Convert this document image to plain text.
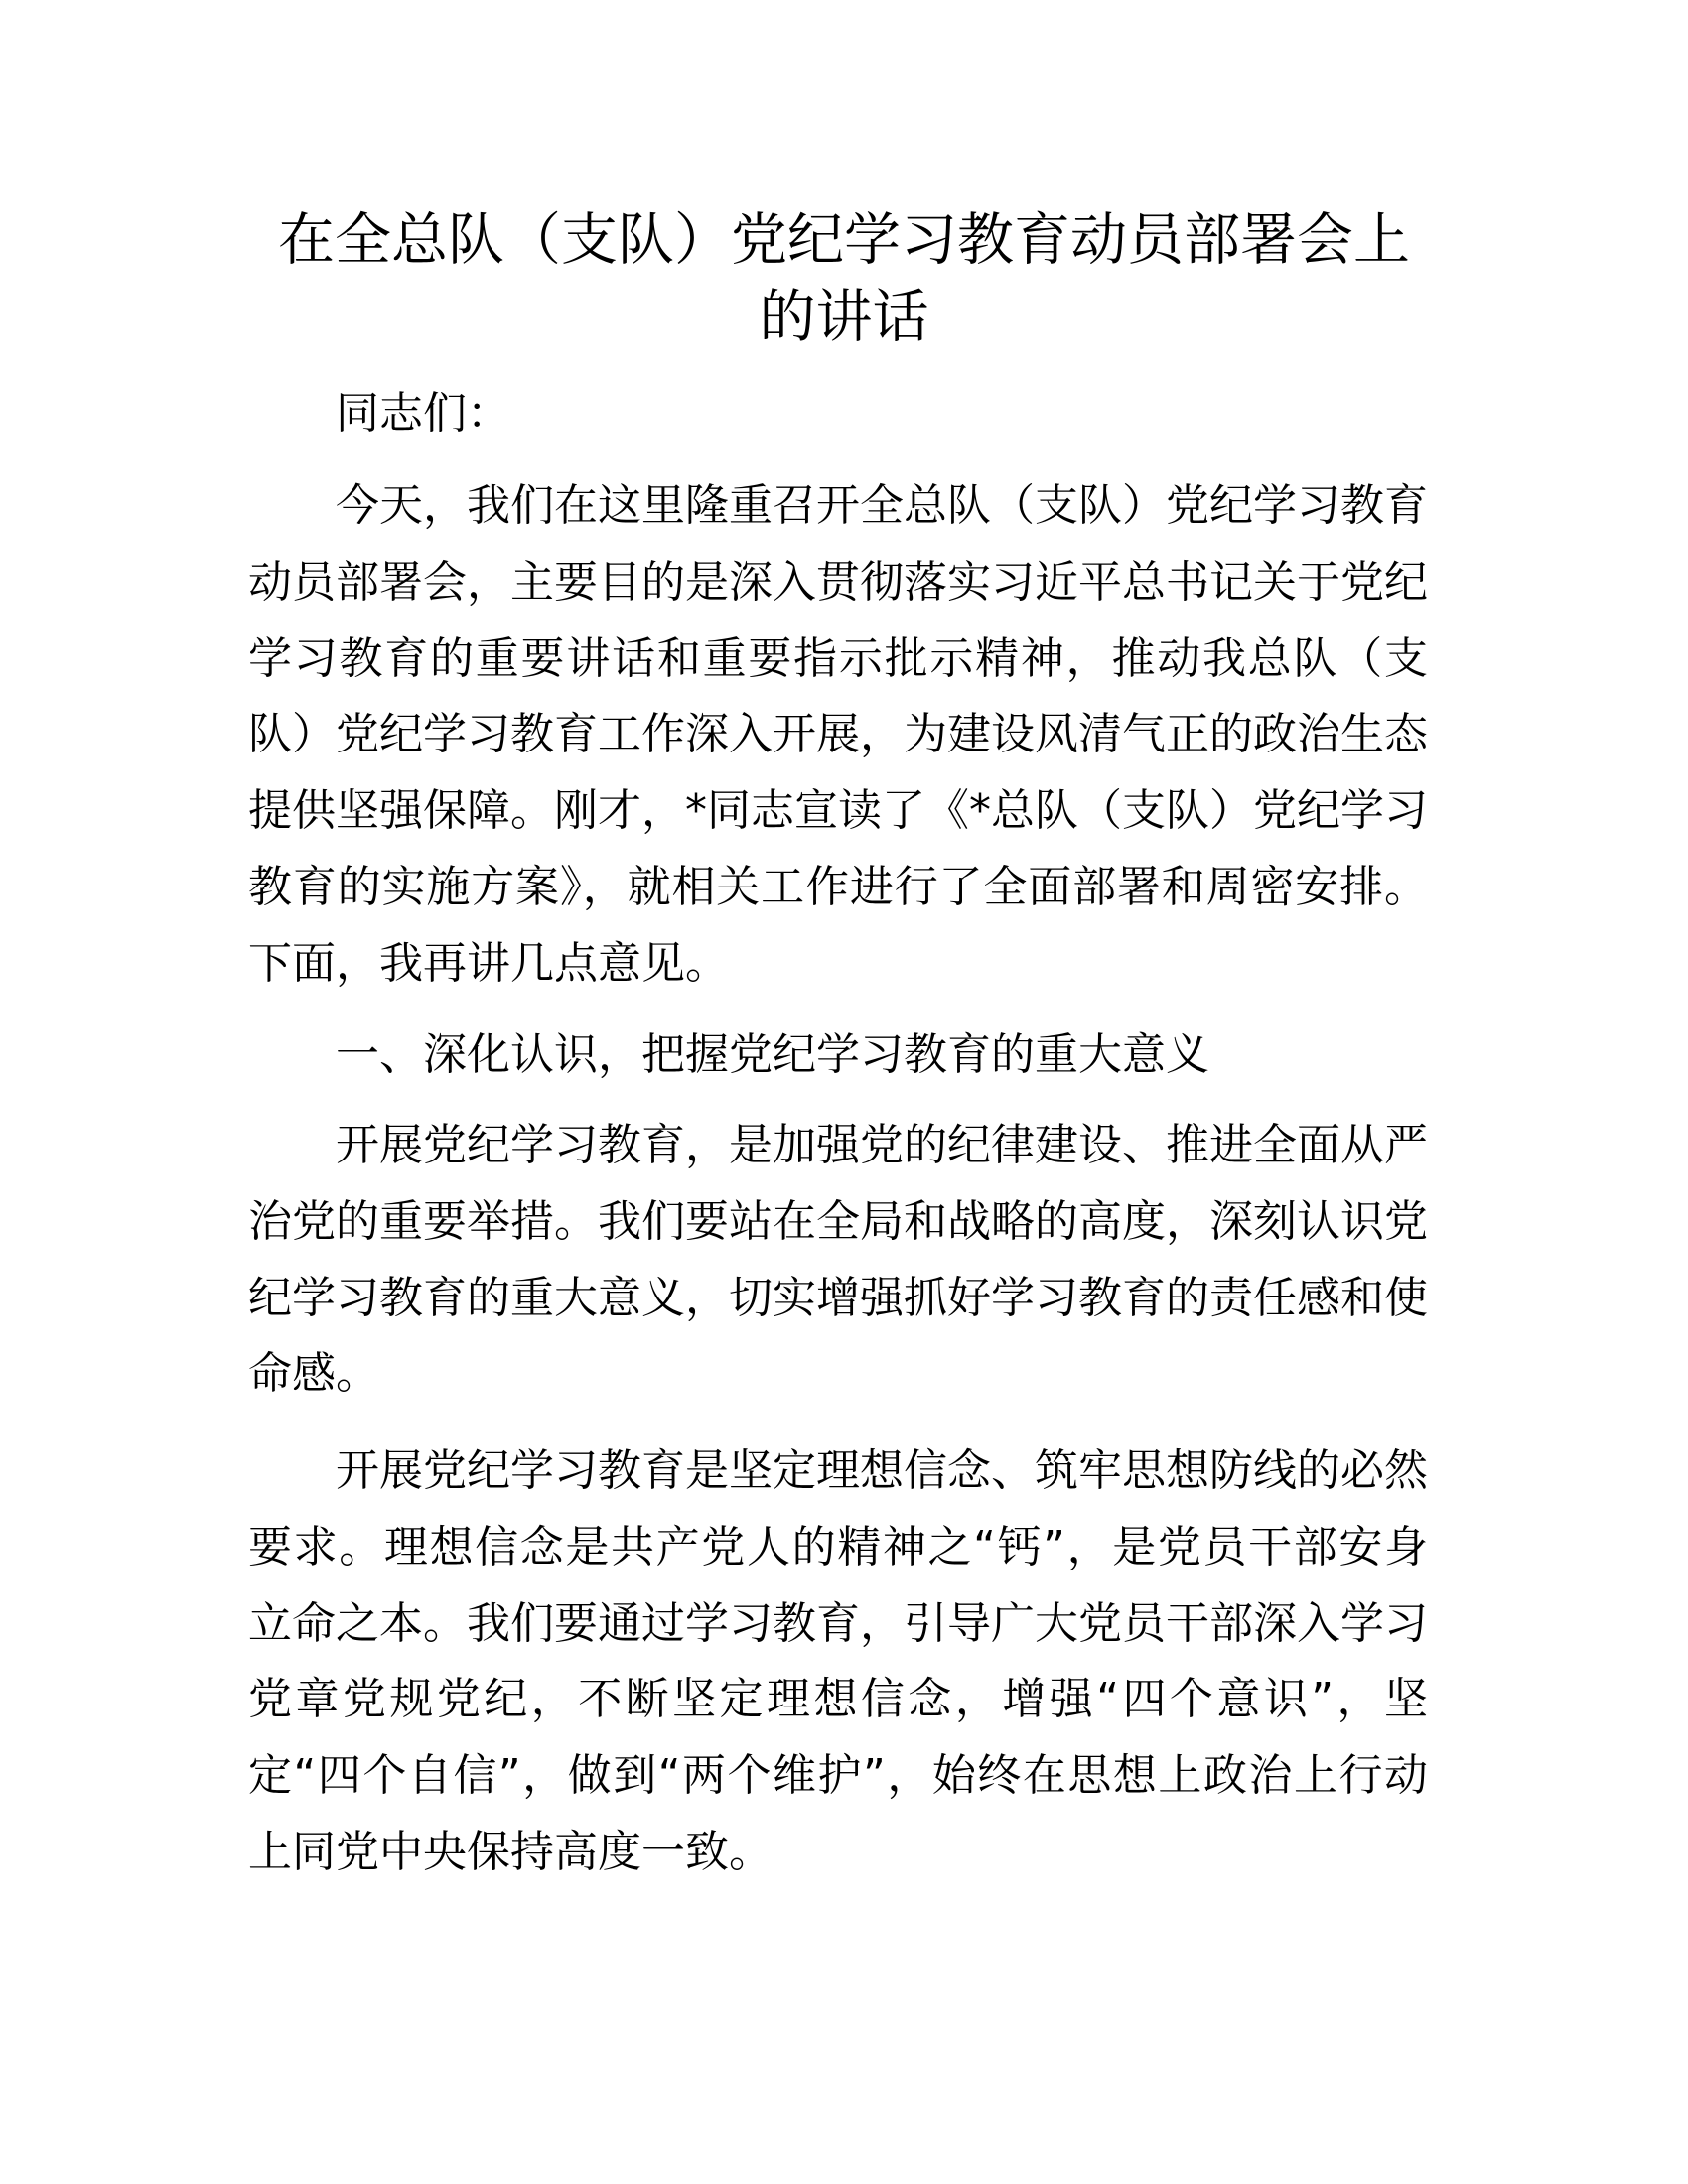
在全总队（支队）党纪学习教育动员部署会上
的讲话
同志们：
今天，我们在这里隆重召开全总队（支队）党纪学习教育
动员部署会，主要目的是深入贯彻落实习近平总书记关于党纪
学习教育的重要讲话和重要指示批示精神，推动我总队（支
队）党纪学习教育工作深入开展，为建设风清气正的政治生态
提供坚强保障。刚才，*同志宣读了《*总队（支队）党纪学习
教育的实施方案》，就相关工作进行了全面部署和周密安排。
下面，我再讲几点意见。
一、深化认识，把握党纪学习教育的重大意义
开展党纪学习教育，是加强党的纪律建设、推进全面从严
治党的重要举措。我们要站在全局和战略的高度，深刻认识党
纪学习教育的重大意义，切实增强抓好学习教育的责任感和使
命感。
开展党纪学习教育是坚定理想信念、筑牢思想防线的必然
要求。理想信念是共产党人的精神之“钙”，是党员干部安身
立命之本。我们要通过学习教育，引导广大党员干部深入学习
党章党规党纪，不断坚定理想信念，增强“四个意识”，坚
定“四个自信”，做到“两个维护”，始终在思想上政治上行动
上同党中央保持高度一致。
